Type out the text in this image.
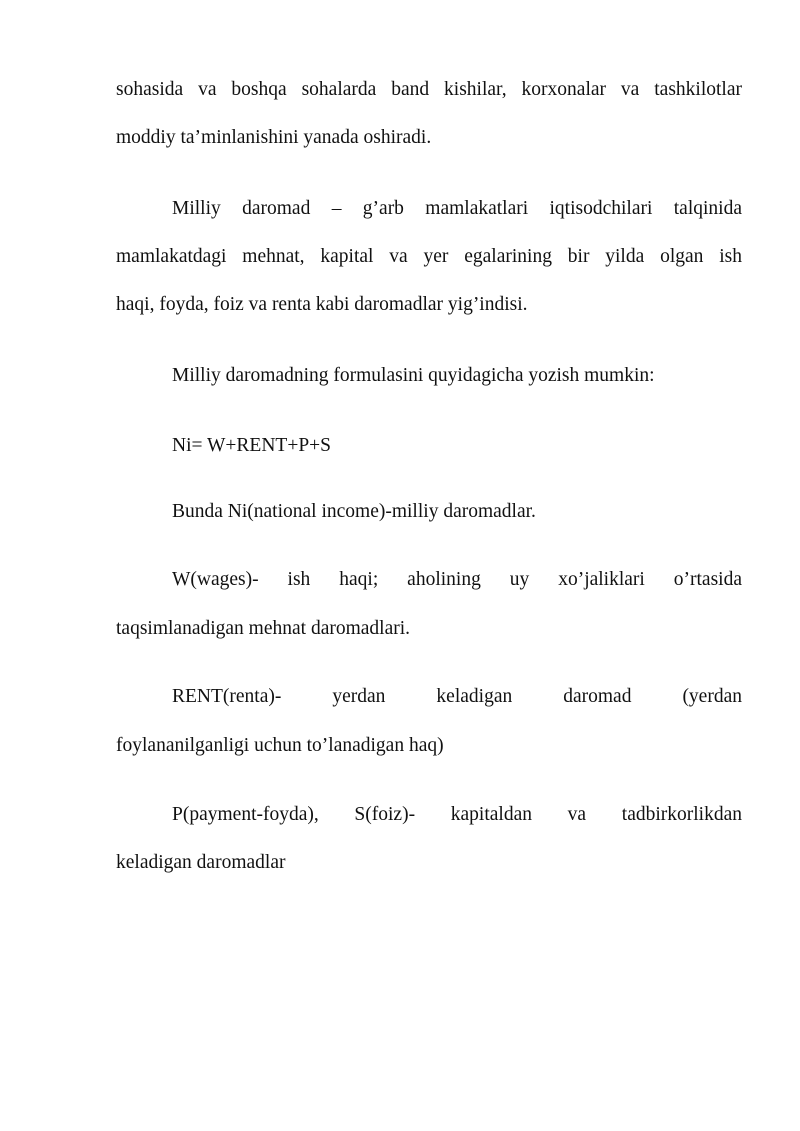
sohasida va boshqa sohalarda band kishilar, korxonalar va tashkilotlar
moddiy ta’minlanishini yanada oshiradi.
Milliy daromad – g’arb mamlakatlari iqtisodchilari talqinida
mamlakatdagi mehnat, kapital va yer egalarining bir yilda olgan ish
haqi, foyda, foiz va renta kabi daromadlar yig’indisi.
Milliy daromadning formulasini quyidagicha yozish mumkin:
Ni= W+RENT+P+S
Bunda Ni(national income)-milliy daromadlar.
W(wages)- ish haqi; aholining uy xo’jaliklari o’rtasida
taqsimlanadigan mehnat daromadlari.
RENT(renta)- yerdan keladigan daromad (yerdan
foylananilganligi uchun to’lanadigan haq)
P(payment-foyda), S(foiz)- kapitaldan va tadbirkorlikdan
keladigan daromadlar
